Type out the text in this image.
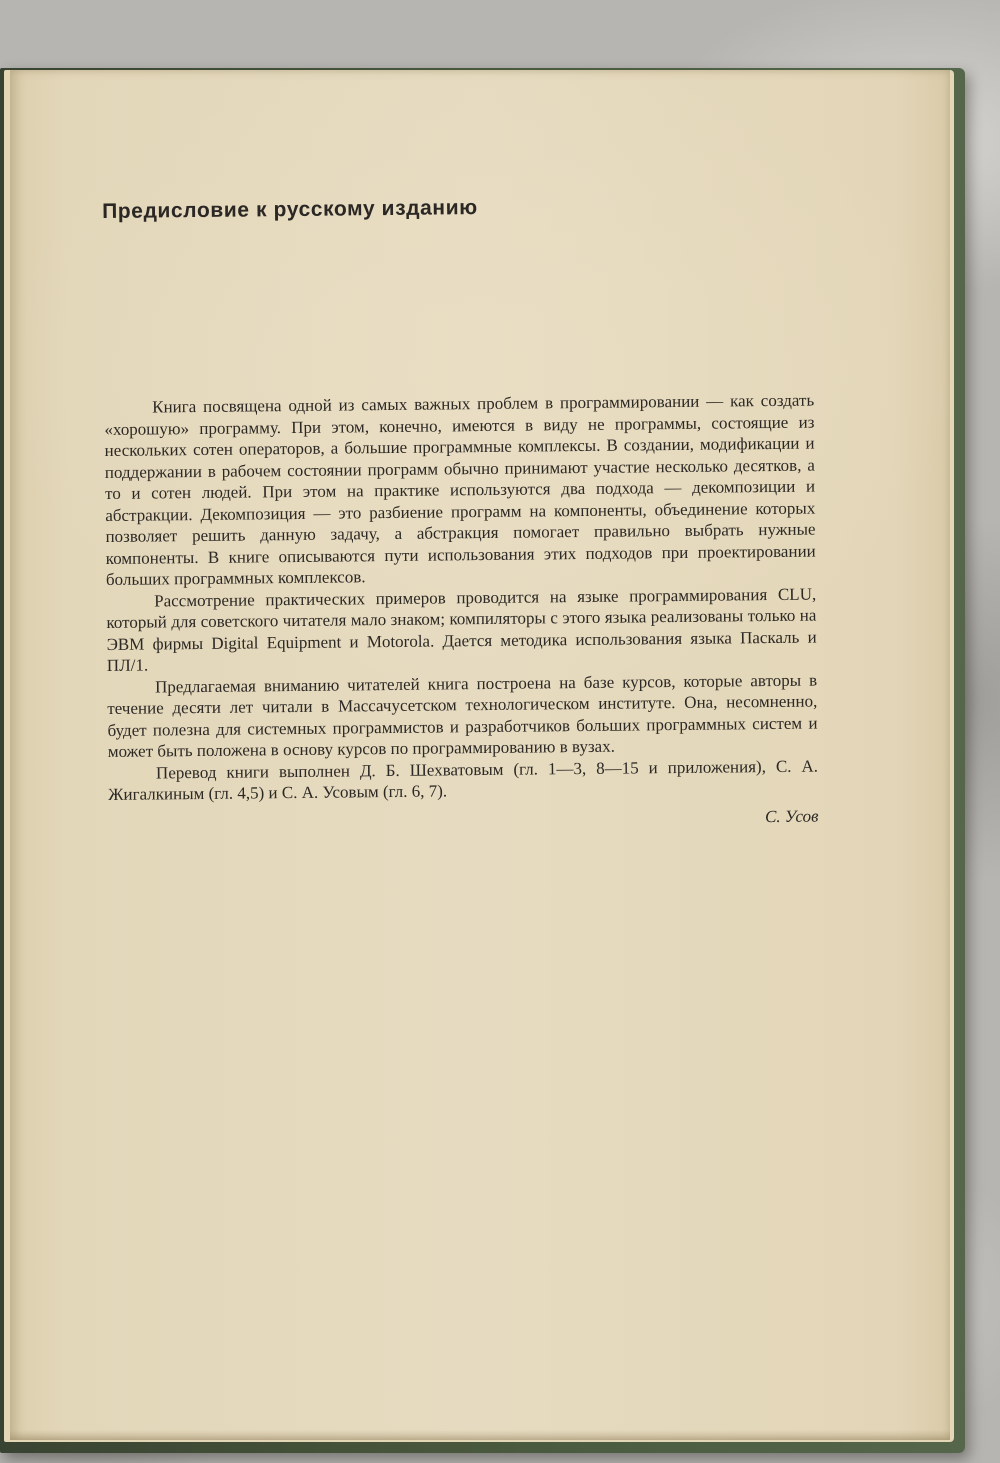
Предисловие к русскому изданию

Книга посвящена одной из самых важных проблем в программировании — как создать «хорошую» программу. При этом, конечно, имеются в виду не программы, состоящие из нескольких сотен операторов, а большие программные комплексы. В создании, модификации и поддержании в рабочем состоянии программ обычно принимают участие несколько десятков, а то и сотен людей. При этом на практике используются два подхода — декомпозиции и абстракции. Декомпозиция — это разбиение программ на компоненты, объединение которых позволяет решить данную задачу, а абстракция помогает правильно выбрать нужные компоненты. В книге описываются пути использования этих подходов при проектировании больших программных комплексов.

Рассмотрение практических примеров проводится на языке программирования CLU, который для советского читателя мало знаком; компиляторы с этого языка реализованы только на ЭВМ фирмы Digital Equipment и Motorola. Дается методика использования языка Паскаль и ПЛ/1.

Предлагаемая вниманию читателей книга построена на базе курсов, которые авторы в течение десяти лет читали в Массачусетском технологическом институте. Она, несомненно, будет полезна для системных программистов и разработчиков больших программных систем и может быть положена в основу курсов по программированию в вузах.

Перевод книги выполнен Д. Б. Шехватовым (гл. 1—3, 8—15 и приложения), С. А. Жигалкиным (гл. 4,5) и С. А. Усовым (гл. 6, 7).

С. Усов
